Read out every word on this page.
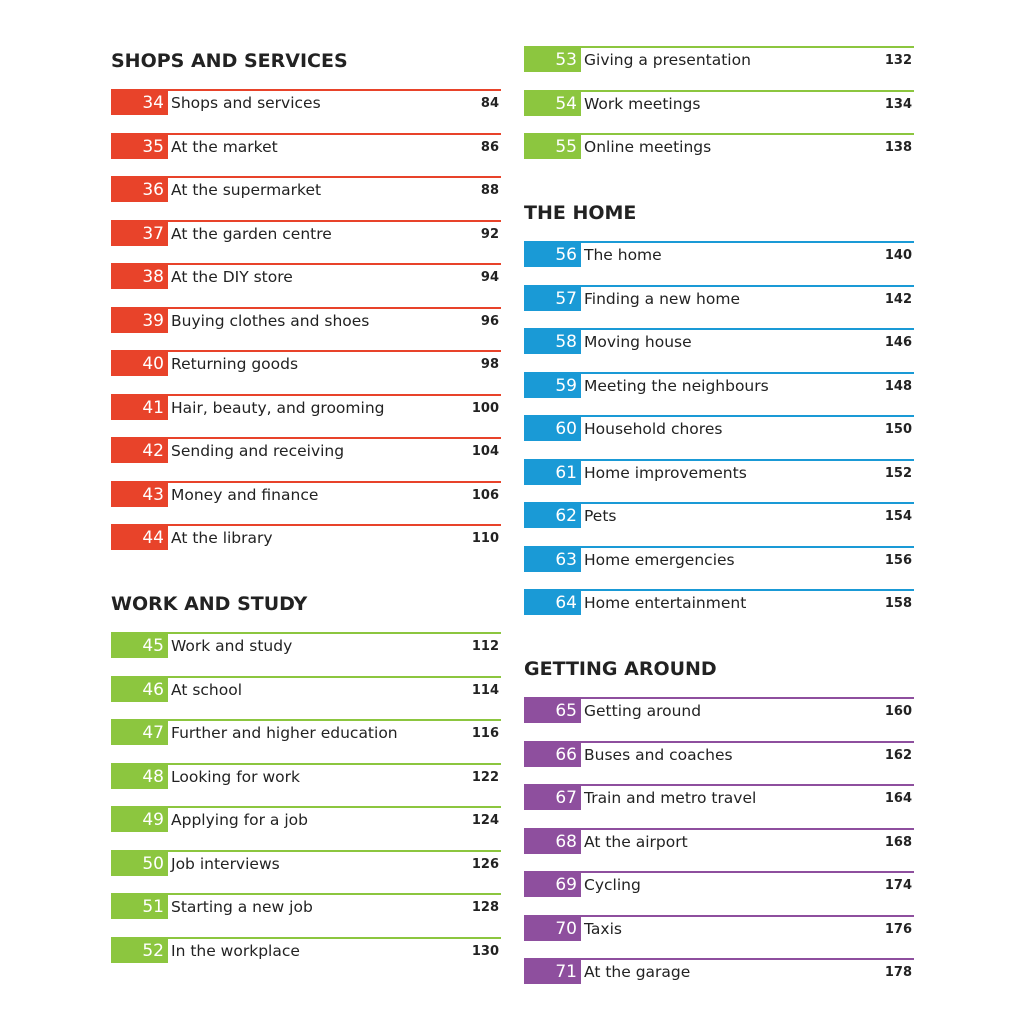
SHOPS AND SERVICES
34 Shops and services	84
35 At the market	86
36 At the supermarket	88
37 At the garden centre	92
38 At the DIY store	94
39 Buying clothes and shoes	96
40 Returning goods	98
41 Hair, beauty, and grooming	100
42 Sending and receiving	104
43 Money and finance	106
44 At the library	110
WORK AND STUDY
45 Work and study	112
46 At school	114
47 Further and higher education	116
48 Looking for work	122
49 Applying for a job	124
50 Job interviews	126
51 Starting a new job	128
52 In the workplace	130
53 Giving a presentation	132
54 Work meetings	134
55 Online meetings	138
THE HOME
56 The home	140
57 Finding a new home	142
58 Moving house	146
59 Meeting the neighbours	148
60 Household chores	150
61 Home improvements	152
62 Pets	154
63 Home emergencies	156
64 Home entertainment	158
GETTING AROUND
65 Getting around	160
66 Buses and coaches	162
67 Train and metro travel	164
68 At the airport	168
69 Cycling	174
70 Taxis	176
71 At the garage	178
